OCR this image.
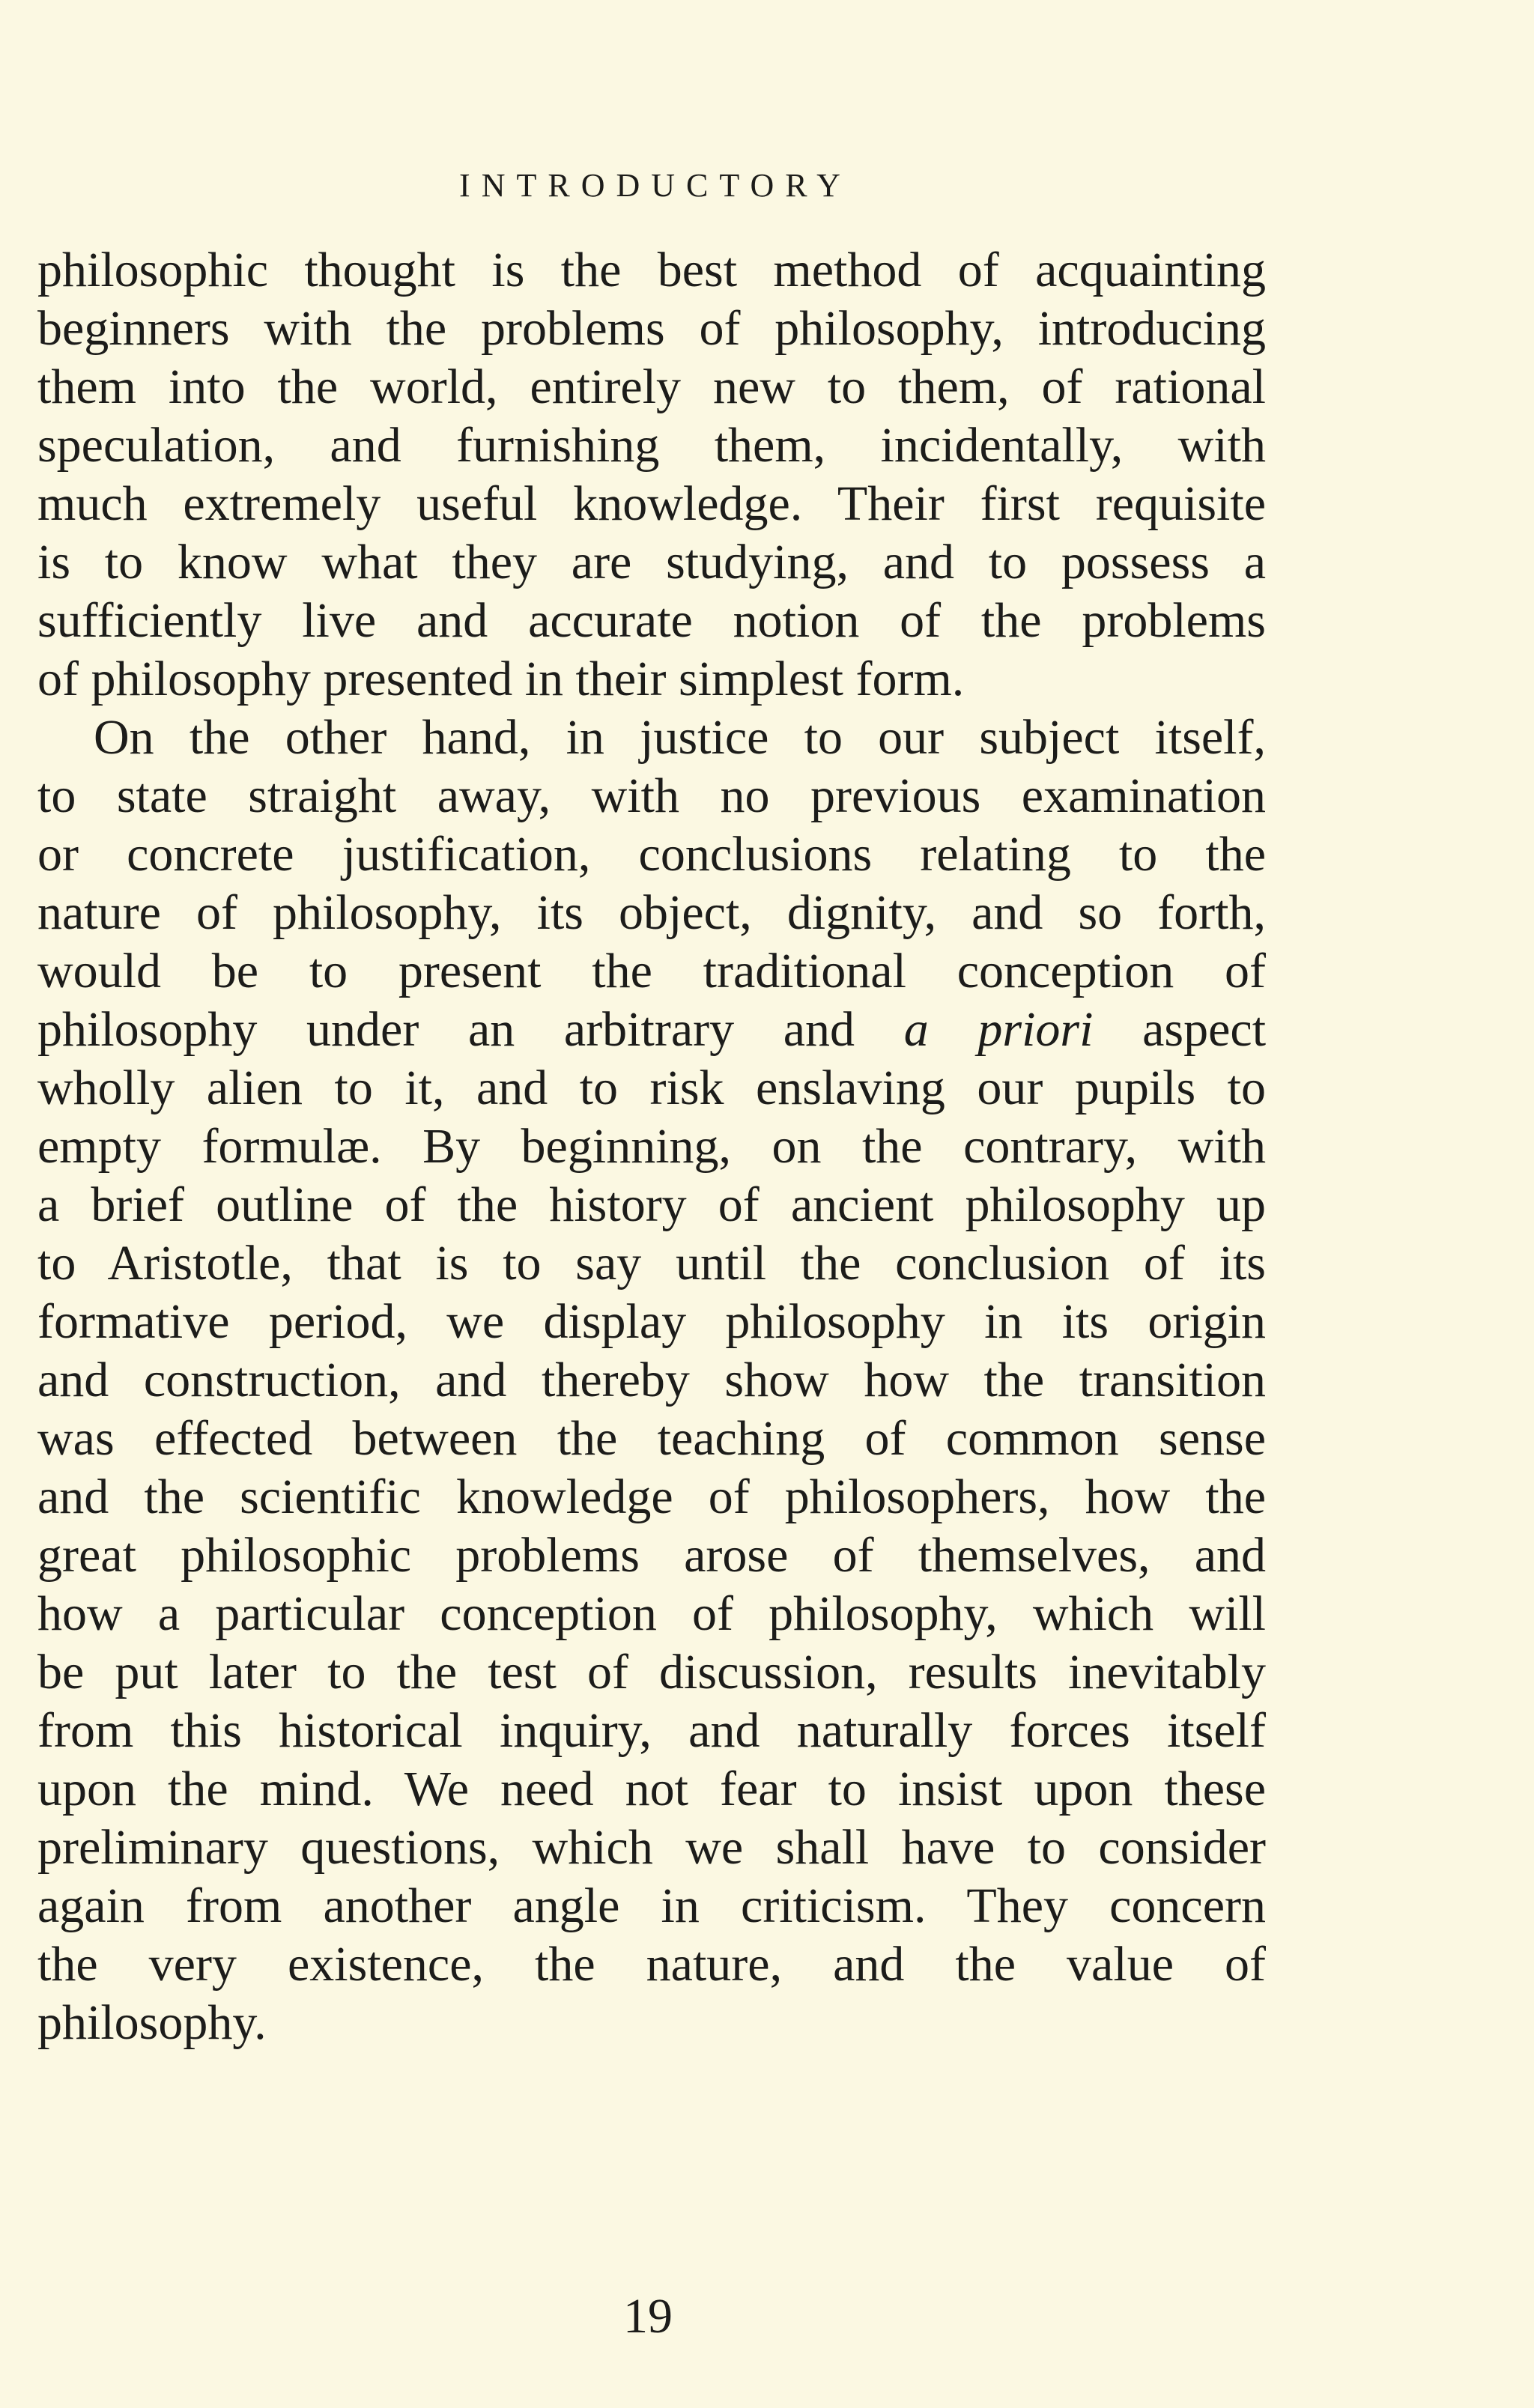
INTRODUCTORY
philosophic thought is the best method of acquainting
beginners with the problems of philosophy, introducing
them into the world, entirely new to them, of rational
speculation, and furnishing them, incidentally, with
much extremely useful knowledge. Their first requisite
is to know what they are studying, and to possess a
sufficiently live and accurate notion of the problems
of philosophy presented in their simplest form.
On the other hand, in justice to our subject itself,
to state straight away, with no previous examination
or concrete justification, conclusions relating to the
nature of philosophy, its object, dignity, and so forth,
would be to present the traditional conception of
philosophy under an arbitrary and a priori aspect
wholly alien to it, and to risk enslaving our pupils to
empty formulæ. By beginning, on the contrary, with
a brief outline of the history of ancient philosophy up
to Aristotle, that is to say until the conclusion of its
formative period, we display philosophy in its origin
and construction, and thereby show how the transition
was effected between the teaching of common sense
and the scientific knowledge of philosophers, how the
great philosophic problems arose of themselves, and
how a particular conception of philosophy, which will
be put later to the test of discussion, results inevitably
from this historical inquiry, and naturally forces itself
upon the mind. We need not fear to insist upon these
preliminary questions, which we shall have to consider
again from another angle in criticism. They concern
the very existence, the nature, and the value of
philosophy.
19
